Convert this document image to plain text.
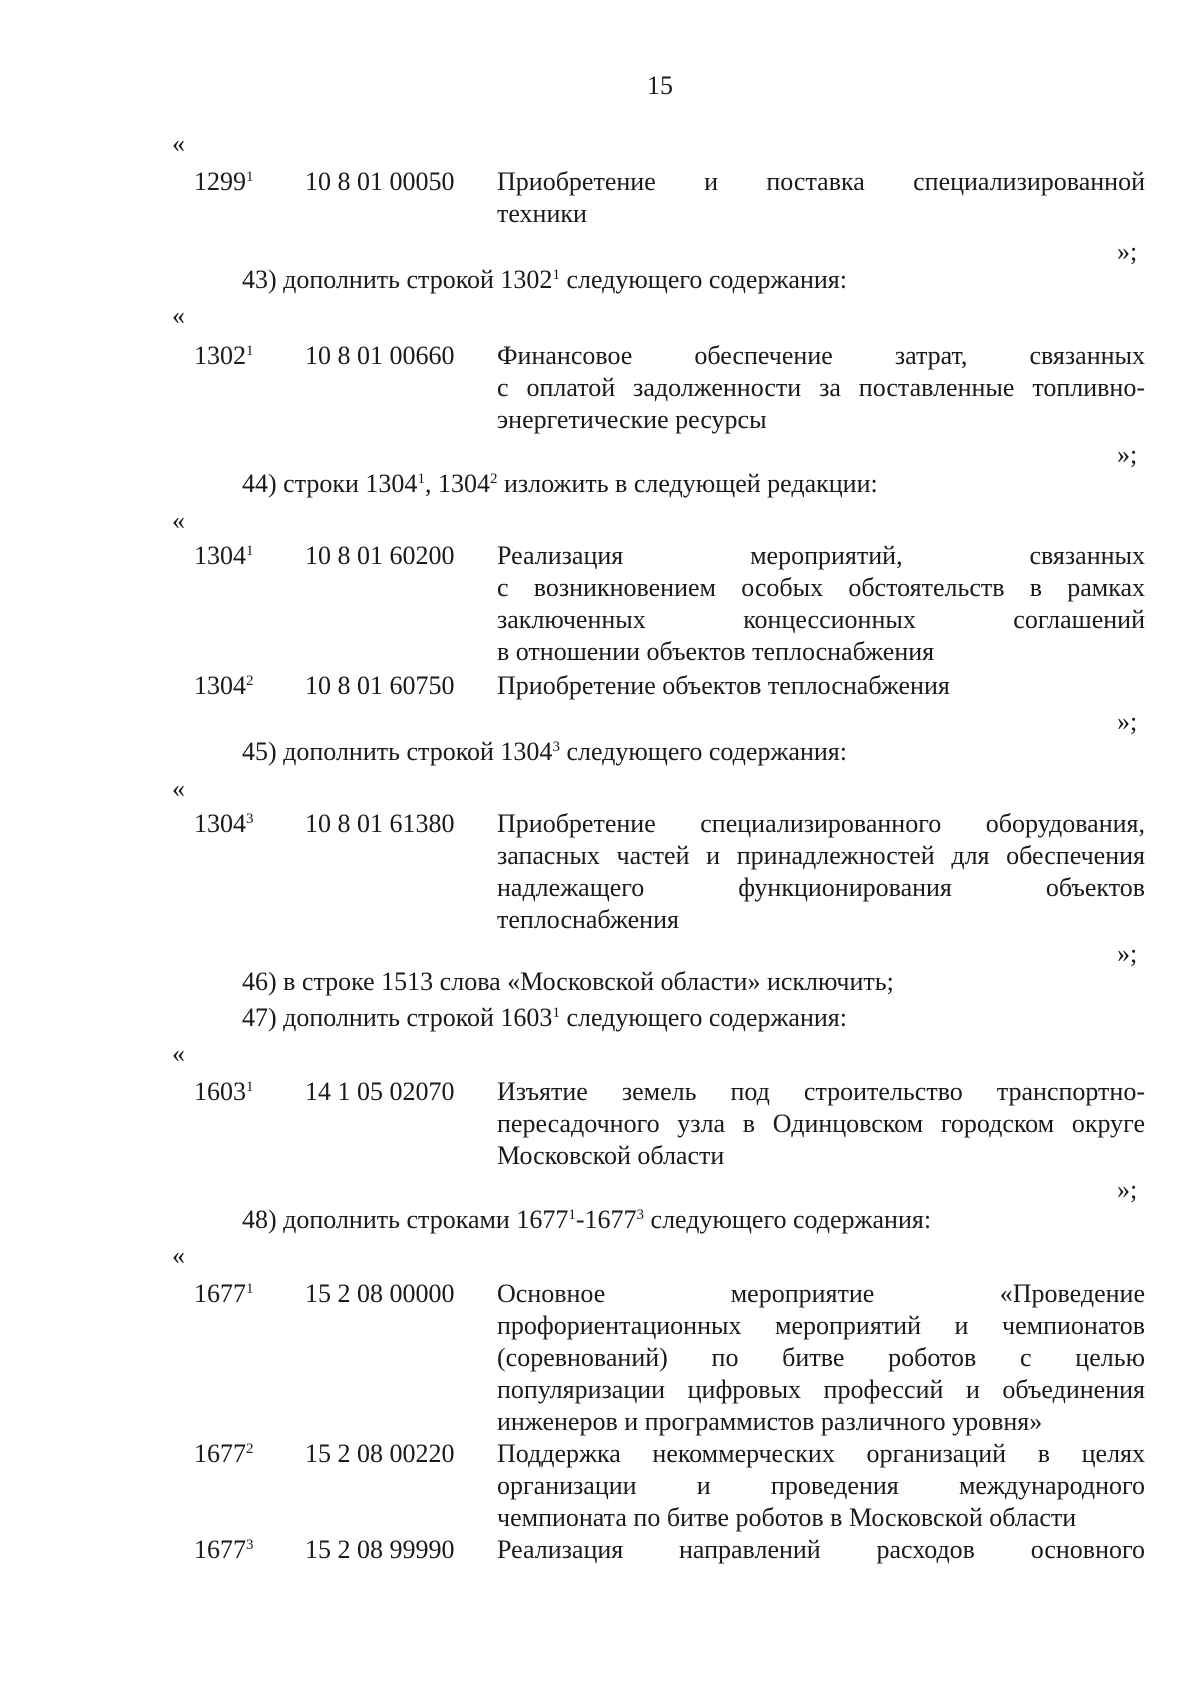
15
«
1299$^1$ 10 8 01 00050 Приобретение и поставка специализированной
техники
»;
43) дополнить строкой 1302$^1$ следующего содержания:
«
1302$^1$ 10 8 01 00660 Финансовое обеспечение затрат, связанных
с оплатой задолженности за поставленные топливно-
энергетические ресурсы
»;
44) строки 1304$^1$, 1304$^2$ изложить в следующей редакции:
«
1304$^1$ 10 8 01 60200 Реализация мероприятий, связанных
с возникновением особых обстоятельств в рамках
заключенных концессионных соглашений
в отношении объектов теплоснабжения
1304$^2$ 10 8 01 60750 Приобретение объектов теплоснабжения
»;
45) дополнить строкой 1304$^3$ следующего содержания:
«
1304$^3$ 10 8 01 61380 Приобретение специализированного оборудования,
запасных частей и принадлежностей для обеспечения
надлежащего функционирования объектов
теплоснабжения
»;
46) в строке 1513 слова «Московской области» исключить;
47) дополнить строкой 1603$^1$ следующего содержания:
«
1603$^1$ 14 1 05 02070 Изъятие земель под строительство транспортно-
пересадочного узла в Одинцовском городском округе
Московской области
»;
48) дополнить строками 1677$^1$-1677$^3$ следующего содержания:
«
1677$^1$ 15 2 08 00000 Основное мероприятие «Проведение
профориентационных мероприятий и чемпионатов
(соревнований) по битве роботов с целью
популяризации цифровых профессий и объединения
инженеров и программистов различного уровня»
1677$^2$ 15 2 08 00220 Поддержка некоммерческих организаций в целях
организации и проведения международного
чемпионата по битве роботов в Московской области
1677$^3$ 15 2 08 99990 Реализация направлений расходов основного
